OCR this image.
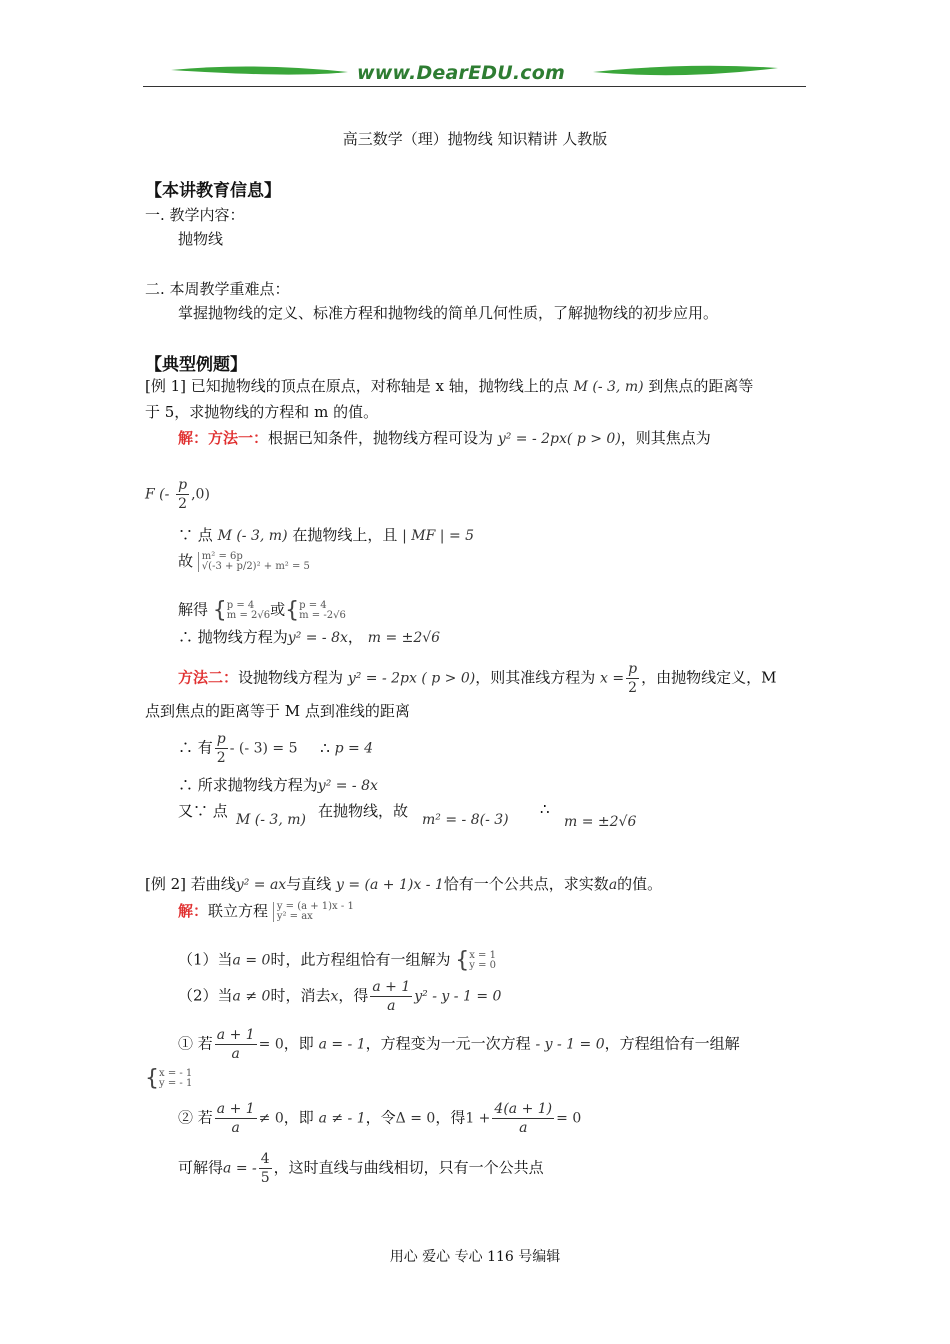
www.DearEDU.com
高三数学（理）抛物线 知识精讲 人教版
【本讲教育信息】
一. 教学内容：
抛物线
二. 本周教学重难点：
掌握抛物线的定义、标准方程和抛物线的简单几何性质，了解抛物线的初步应用。
【典型例题】
[例 1] 已知抛物线的顶点在原点，对称轴是 x 轴，抛物线上的点 M (- 3, m) 到焦点的距离等
于 5，求抛物线的方程和 m 的值。
解：方法一：根据已知条件，抛物线方程可设为 y² = - 2px( p > 0)，则其焦点为
F (- $\frac{p}{2} ,0$)
∵ 点 M (- 3, m) 在抛物线上，且 | MF | = 5
故 m² = 6p
√(-3 + p/2)² + m² = 5
解得 { p = 4
m = 2√6 或{ p = 4
m = -2√6
∴ 抛物线方程为y² = - 8x， m = ±2√6
方法二：设抛物线方程为 y² = - 2px ( p > 0)，则其准线方程为 $x = \frac{p}{2}$ ，由抛物线定义，M
点到焦点的距离等于 M 点到准线的距离
∴ 有 $\frac{p}{2}$ - (- 3) = 5 ∴ p = 4
∴ 所求抛物线方程为y² = - 8x
又∵ 点 M (- 3, m) 在抛物线，故 m² = - 8(- 3)
∴
m = ±2√6
[例 2] 若曲线y² = ax与直线 y = (a + 1)x - 1恰有一个公共点，求实数a的值。
解：联立方程 y = (a + 1)x - 1
y² = ax
（1）当a = 0时，此方程组恰有一组解为 { x = 1
y = 0
（2）当a ≠ 0时，消去x，得 $\frac{a + 1}{a} y^2 - y - 1 = 0$
① 若 $\frac{a + 1}{a} = 0$，即 a = - 1，方程变为一元一次方程 - y - 1 = 0，方程组恰有一组解
{ x = - 1
y = - 1
② 若 $\frac{a + 1}{a} \ne 0$，即 a ≠ - 1，令Δ = 0，得$1 + \frac{4(a + 1)}{a} = 0$
可解得a = - $\frac{4}{5}$ ，这时直线与曲线相切，只有一个公共点
用心 爱心 专心 116 号编辑
